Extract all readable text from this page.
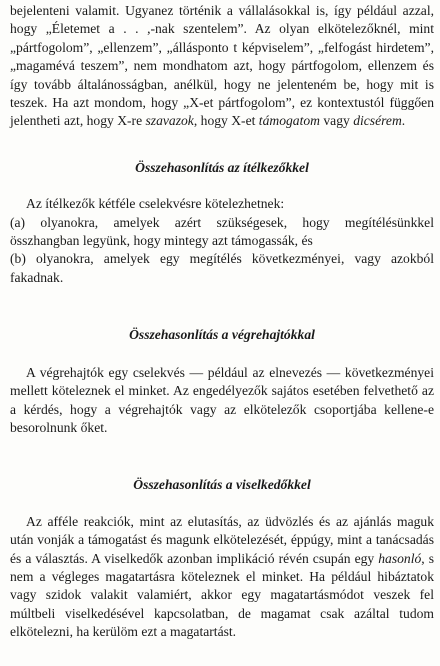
bejelenteni valamit. Ugyanez történik a vállalásokkal is, így például azzal, hogy „Életemet a . . ,-nak szentelem”. Az olyan elkötelezőknél, mint „pártfogolom”, „ellenzem”, „állásponto t képviselem”, „felfogást hirdetem”, „magamévá teszem”, nem mondhatom azt, hogy pártfogolom, ellenzem és így tovább általánosságban, anélkül, hogy ne jelenteném be, hogy mit is teszek. Ha azt mondom, hogy „X-et pártfogolom”, ez kontextustól függően jelentheti azt, hogy X-re szavazok, hogy X-et támogatom vagy dicsérem.

Összehasonlítás az ítélkezőkkel

Az ítélkezők kétféle cselekvésre kötelezhetnek:

(a) olyanokra, amelyek azért szükségesek, hogy megítélésünkkel összhangban legyünk, hogy mintegy azt támogassák, és

(b) olyanokra, amelyek egy megítélés következményei, vagy azokból fakadnak.

Összehasonlítás a végrehajtókkal

A végrehajtók egy cselekvés — például az elnevezés — következményei mellett köteleznek el minket. Az engedélyezők sajátos esetében felvethető az a kérdés, hogy a végrehajtók vagy az elkötelezők csoportjába kellene-e besorolnunk őket.

Összehasonlítás a viselkedőkkel

Az afféle reakciók, mint az elutasítás, az üdvözlés és az ajánlás maguk után vonják a támogatást és magunk elkötelezését, éppúgy, mint a tanácsadás és a választás. A viselkedők azonban implikáció révén csupán egy hasonló, s nem a végleges magatartásra köteleznek el minket. Ha például hibáztatok vagy szidok valakit valamiért, akkor egy magatartásmódot veszek fel múltbeli viselkedésével kapcsolatban, de magamat csak azáltal tudom elkötelezni, ha kerülöm ezt a magatartást.
